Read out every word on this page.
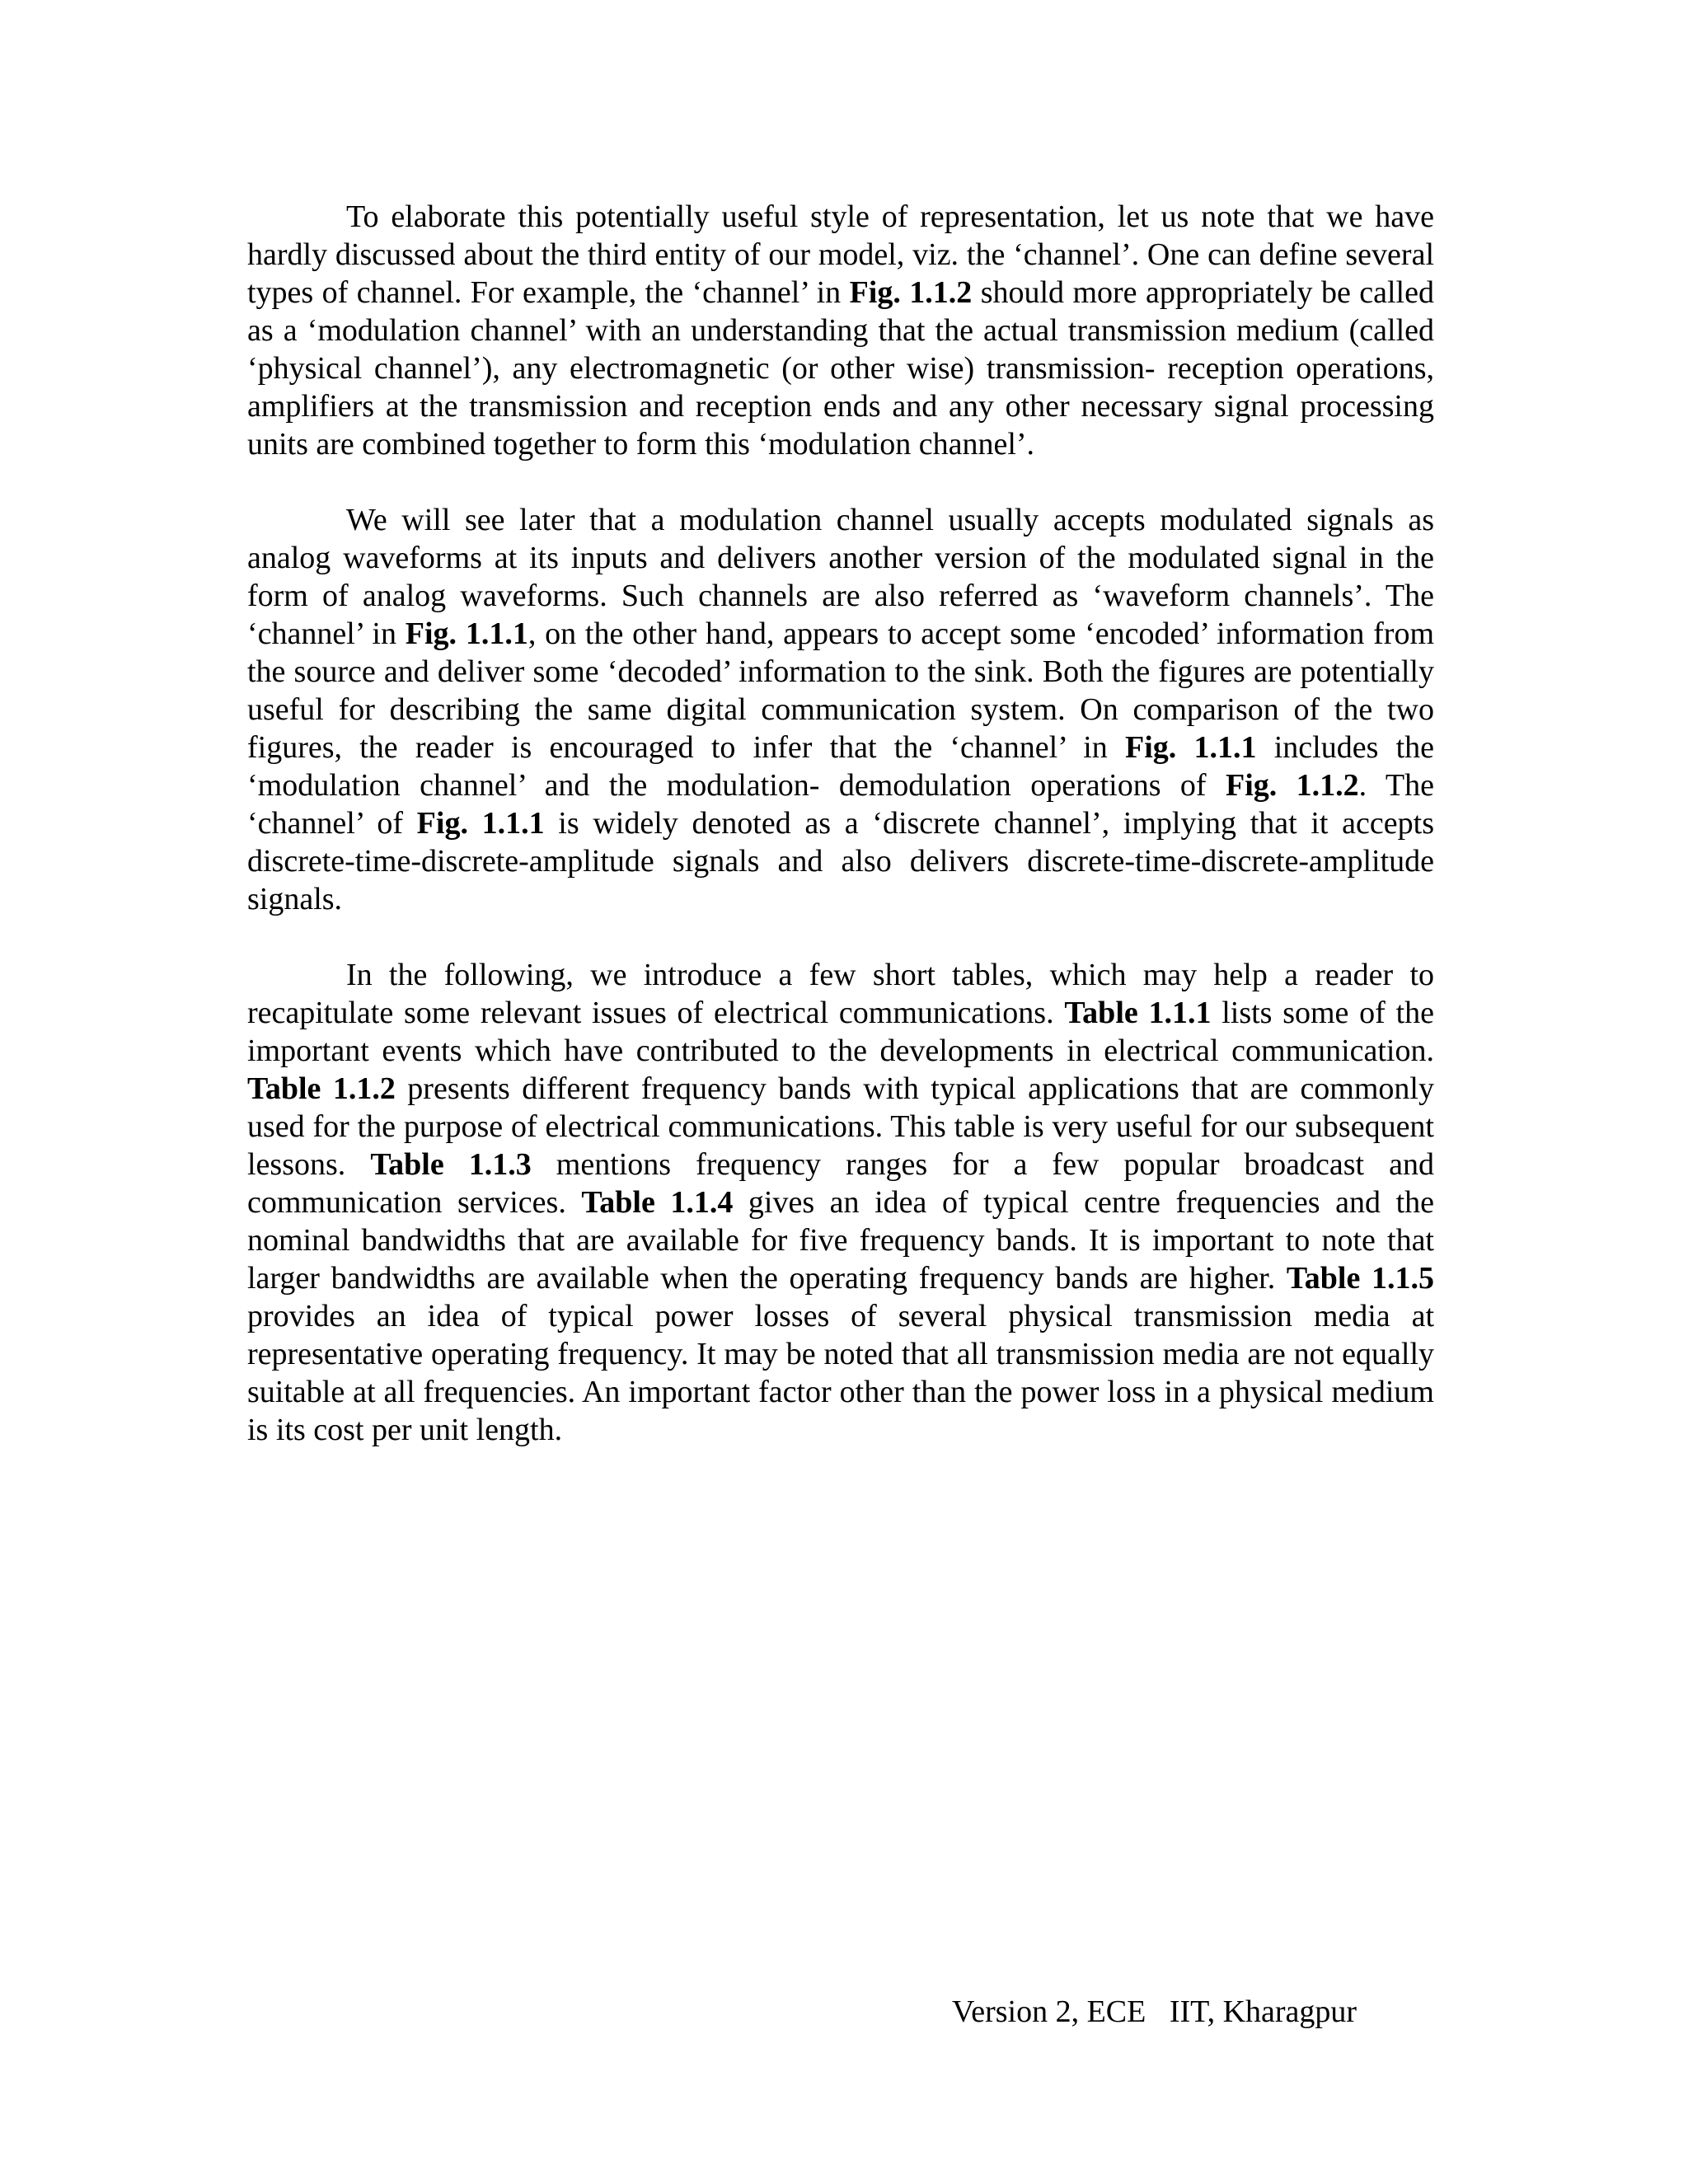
To elaborate this potentially useful style of representation, let us note that we have hardly discussed about the third entity of our model, viz. the ‘channel’. One can define several types of channel. For example, the ‘channel’ in Fig. 1.1.2 should more appropriately be called as a ‘modulation channel’ with an understanding that the actual transmission medium (called ‘physical channel’), any electromagnetic (or other wise) transmission- reception operations, amplifiers at the transmission and reception ends and any other necessary signal processing units are combined together to form this ‘modulation channel’.

We will see later that a modulation channel usually accepts modulated signals as analog waveforms at its inputs and delivers another version of the modulated signal in the form of analog waveforms. Such channels are also referred as ‘waveform channels’. The ‘channel’ in Fig. 1.1.1, on the other hand, appears to accept some ‘encoded’ information from the source and deliver some ‘decoded’ information to the sink. Both the figures are potentially useful for describing the same digital communication system. On comparison of the two figures, the reader is encouraged to infer that the ‘channel’ in Fig. 1.1.1 includes the ‘modulation channel’ and the modulation- demodulation operations of Fig. 1.1.2. The ‘channel’ of Fig. 1.1.1 is widely denoted as a ‘discrete channel’, implying that it accepts discrete-time-discrete-amplitude signals and also delivers discrete-time-discrete-amplitude signals.

In the following, we introduce a few short tables, which may help a reader to recapitulate some relevant issues of electrical communications. Table 1.1.1 lists some of the important events which have contributed to the developments in electrical communication. Table 1.1.2 presents different frequency bands with typical applications that are commonly used for the purpose of electrical communications. This table is very useful for our subsequent lessons. Table 1.1.3 mentions frequency ranges for a few popular broadcast and communication services. Table 1.1.4 gives an idea of typical centre frequencies and the nominal bandwidths that are available for five frequency bands. It is important to note that larger bandwidths are available when the operating frequency bands are higher. Table 1.1.5 provides an idea of typical power losses of several physical transmission media at representative operating frequency. It may be noted that all transmission media are not equally suitable at all frequencies. An important factor other than the power loss in a physical medium is its cost per unit length.

Version 2, ECE   IIT, Kharagpur
